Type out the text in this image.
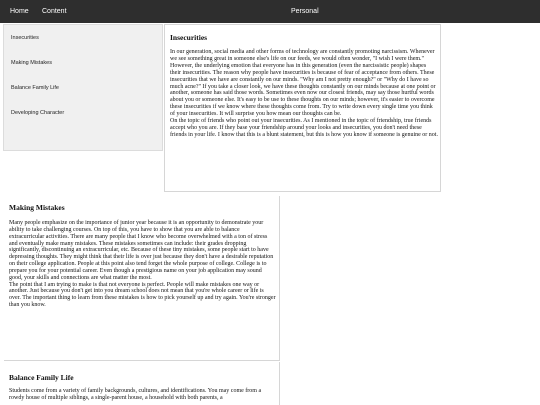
Home Content	Personal
Insecurities
Making Mistakes
Balance Family Life
Developing Character
Insecurities

In our generation, social media and other forms of technology are constantly promoting narcissism. Whenever we see something great in someone else's life on our feeds, we would often wonder, "I wish I were them." However, the underlying emotion that everyone has in this generation (even the narcissistic people) shapes their insecurities. The reason why people have insecurities is because of fear of acceptance from others. These insecurities that we have are constantly on our minds. "Why am I not pretty enough?" or "Why do I have so much acne?" If you take a closer look, we have these thoughts constantly on our minds because at one point or another, someone has said those words. Sometimes even now our closest friends, may say those hurtful words about you or someone else. It's easy to be use to these thoughts on our minds; however, it's easier to overcome these insecurities if we know where these thoughts come from. Try to write down every single time you think of your insecurities. It will surprise you how mean our thoughts can be.

On the topic of friends who point out your insecurities. As I mentioned in the topic of friendship, true friends accept who you are. If they base your friendship around your looks and insecurities, you don't need these friends in your life. I know that this is a blunt statement, but this is how you know if someone is genuine or not.

Making Mistakes

Many people emphasize on the importance of junior year because it is an opportunity to demonstrate your ability to take challenging courses. On top of this, you have to show that you are able to balance extracurricular activities. There are many people that I know who become overwhelmed with a ton of stress and eventually make many mistakes. These mistakes sometimes can include: their grades dropping significantly, discontinuing an extracurricular, etc. Because of these tiny mistakes, some people start to have depressing thoughts. They might think that their life is over just because they don't have a desirable reputation on their college application. People at this point also tend forget the whole purpose of college. College is to prepare you for your potential career. Even though a prestigious name on your job application may sound good, your skills and connections are what matter the most.

The point that I am trying to make is that not everyone is perfect. People will make mistakes one way or another. Just because you don't get into you dream school does not mean that you're whole career or life is over. The important thing to learn from these mistakes is how to pick yourself up and try again. You're stronger than you know.

Balance Family Life

Students come from a variety of family backgrounds, cultures, and identifications. You may come from a rowdy house of multiple siblings, a single-parent house, a household with both parents, a
